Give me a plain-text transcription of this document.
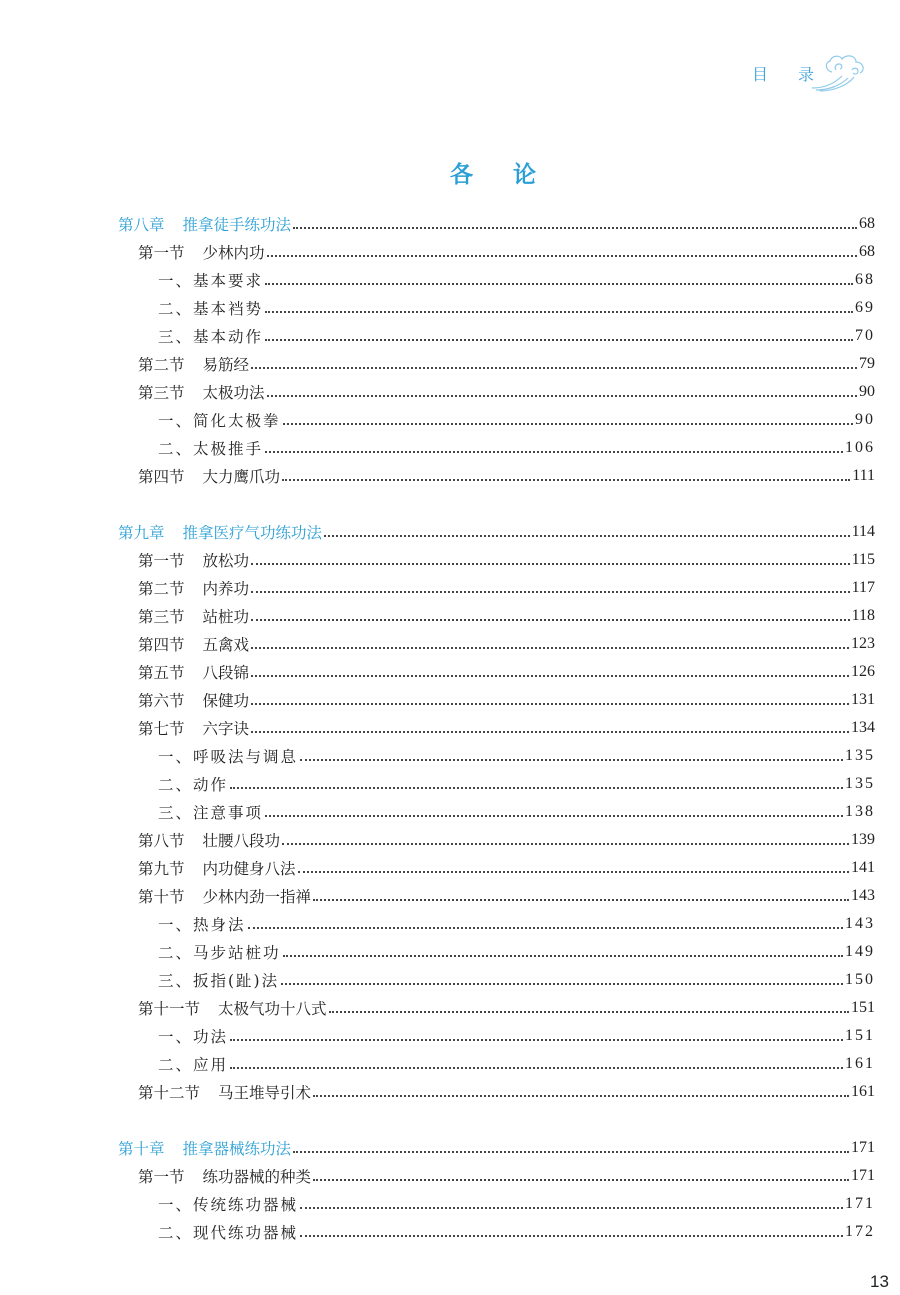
目 录
各论
第八章 推拿徒手练功法	68
第一节 少林内功	68
一、基本要求	68
二、基本裆势	69
三、基本动作	70
第二节 易筋经	79
第三节 太极功法	90
一、简化太极拳	90
二、太极推手	106
第四节 大力鹰爪功	111
第九章 推拿医疗气功练功法	114
第一节 放松功	115
第二节 内养功	117
第三节 站桩功	118
第四节 五禽戏	123
第五节 八段锦	126
第六节 保健功	131
第七节 六字诀	134
一、呼吸法与调息	135
二、动作	135
三、注意事项	138
第八节 壮腰八段功	139
第九节 内功健身八法	141
第十节 少林内劲一指禅	143
一、热身法	143
二、马步站桩功	149
三、扳指(趾)法	150
第十一节 太极气功十八式	151
一、功法	151
二、应用	161
第十二节 马王堆导引术	161
第十章 推拿器械练功法	171
第一节 练功器械的种类	171
一、传统练功器械	171
二、现代练功器械	172
13
